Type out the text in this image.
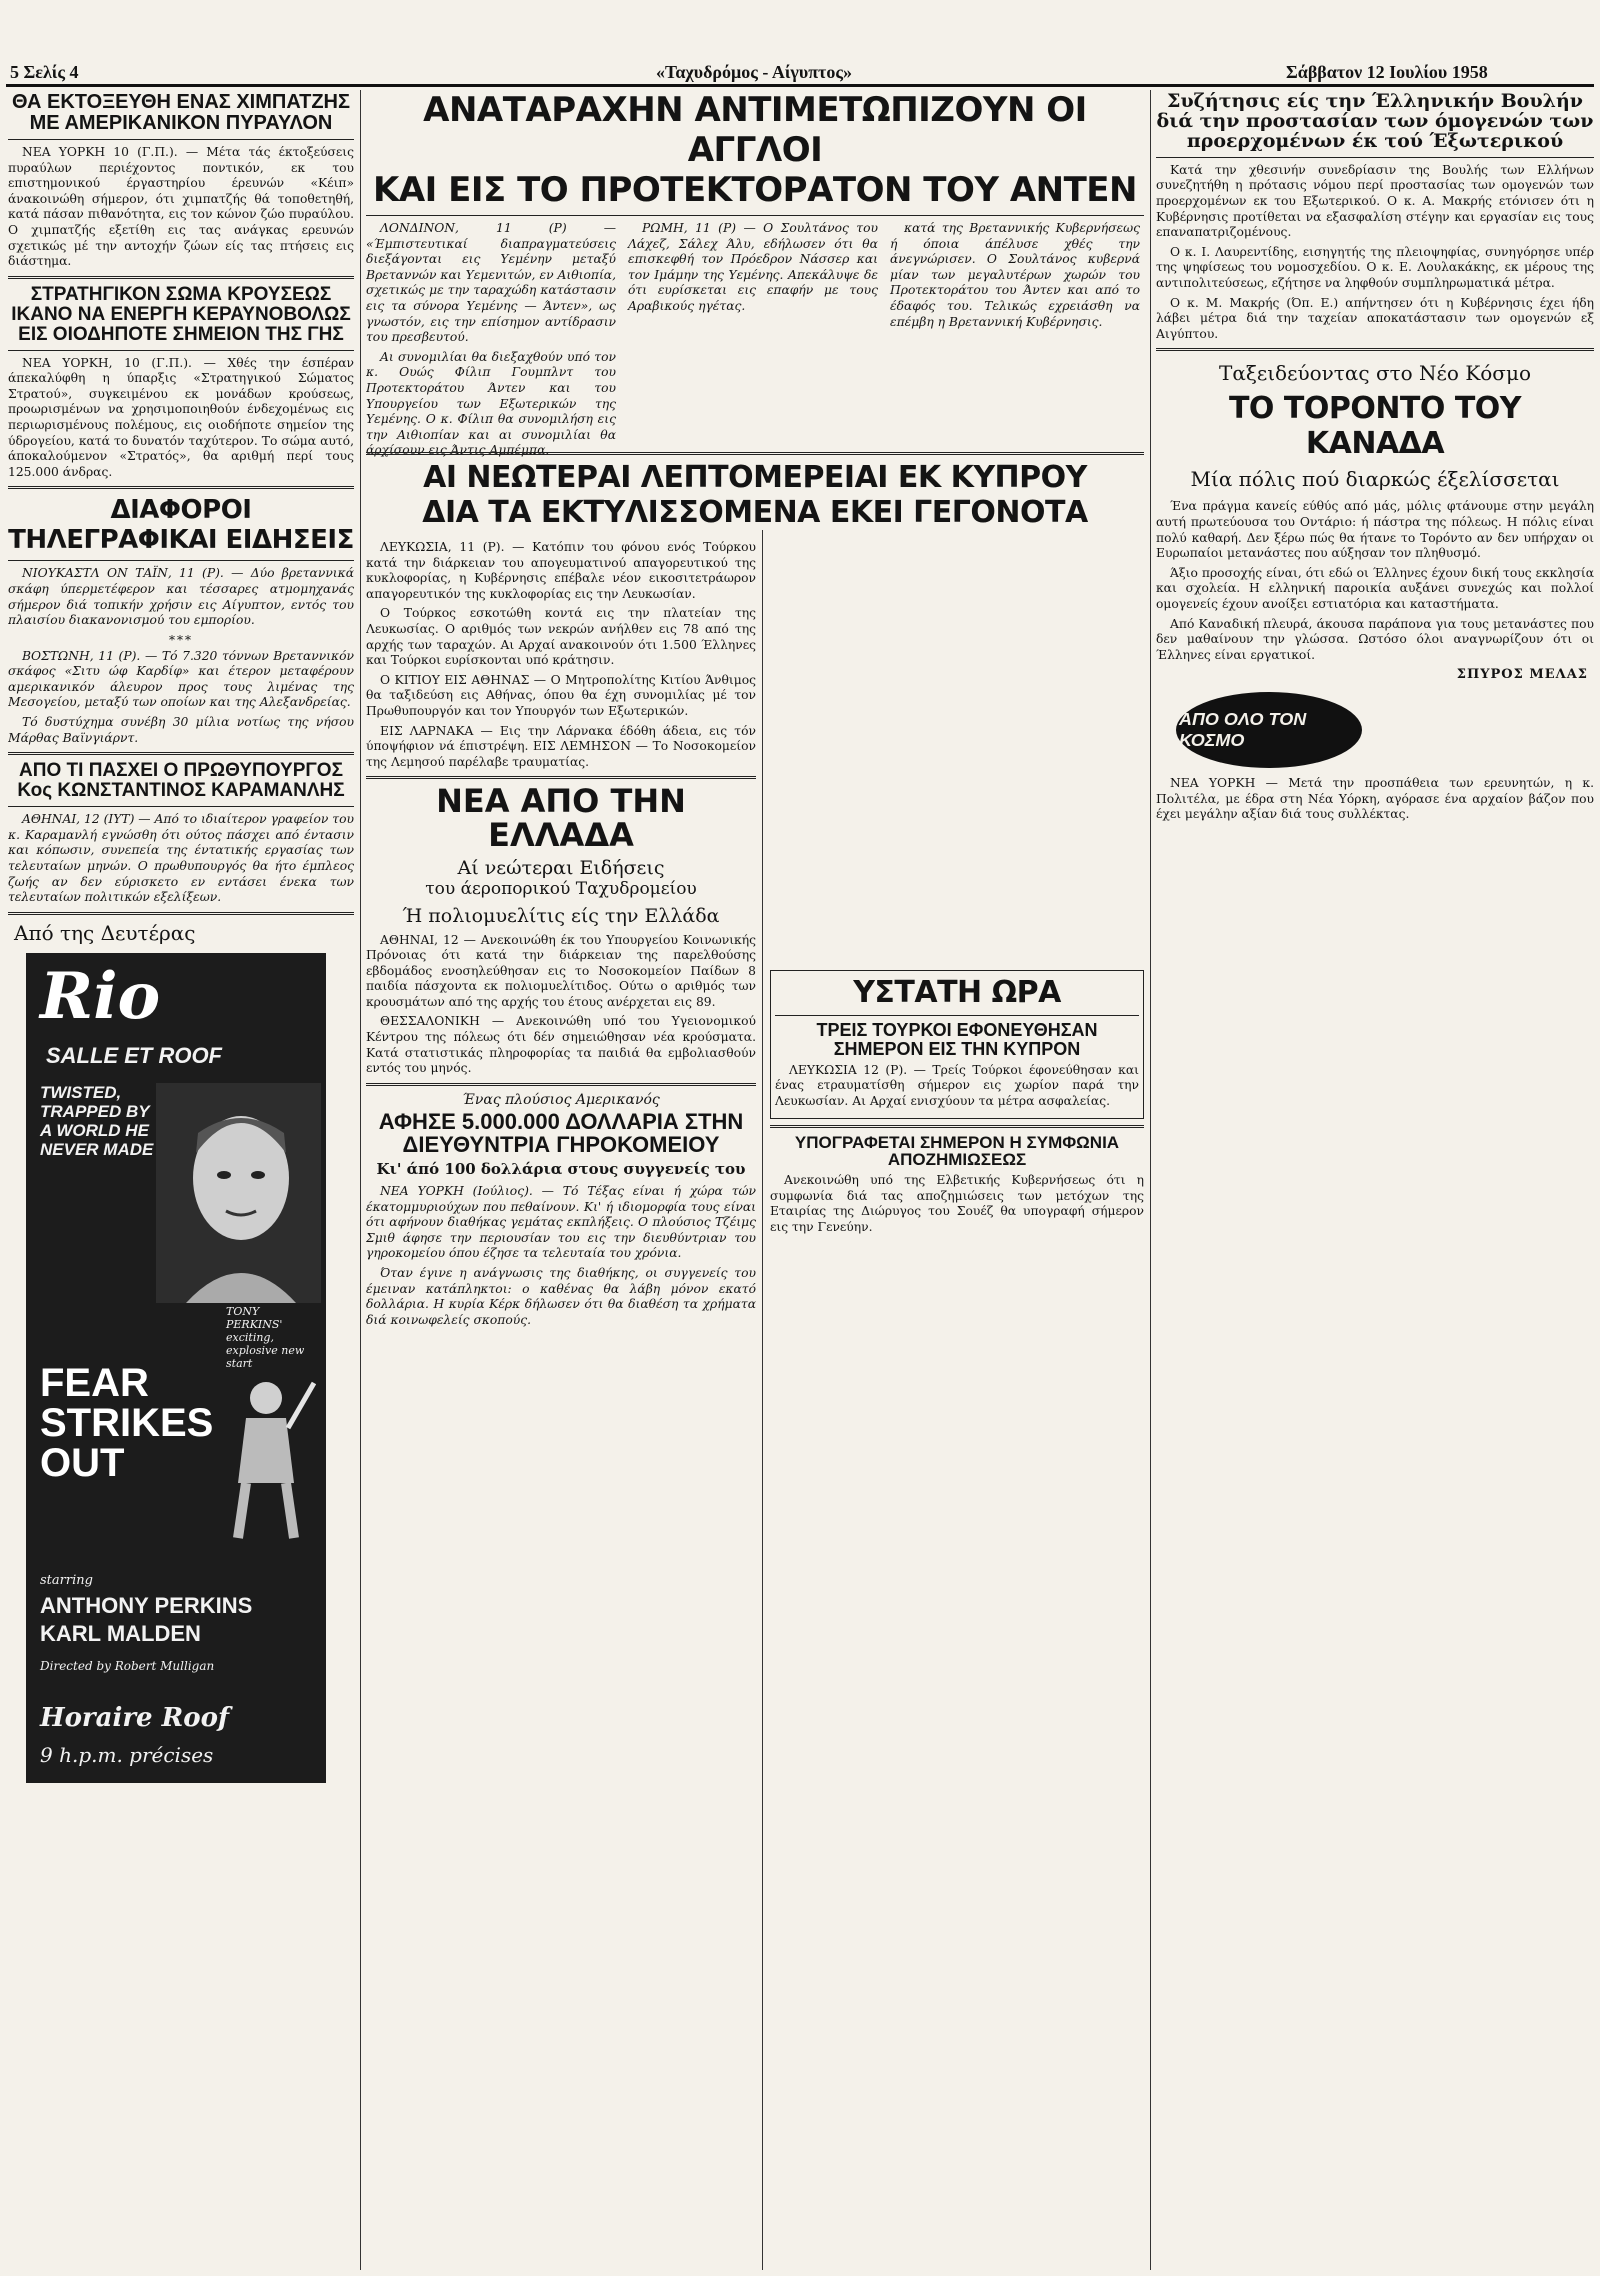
5 Σελίς 4	«Ταχυδρόμος - Αίγυπτος»	Σάββατον 12 Ιουλίου 1958
ΘΑ ΕΚΤΟΞΕΥΘΗ ΕΝΑΣ ΧΙΜΠΑΤΖΗΣ ΜΕ ΑΜΕΡΙΚΑΝΙΚΟΝ ΠΥΡΑΥΛΟΝ

ΝΕΑ ΥΟΡΚΗ 10 (Γ.Π.). — Μέτα τάς έκτοξεύσεις πυραύλων περιέχοντος ποντικόν, εκ του επιστημονικού έργαστηρίου έρευνών «Κέιπ» άνακοινώθη σήμερον, ότι χιμπατζής θά τοποθετηθή, κατά πάσαν πιθανότητα, εις τον κώνον ζώο πυραύλου. Ο χιμπατζής εξετίθη εις τας ανάγκας ερευνών σχετικώς μέ την αντοχήν ζώων είς τας πτήσεις εις διάστημα.

ΣΤΡΑΤΗΓΙΚΟΝ ΣΩΜΑ ΚΡΟΥΣΕΩΣ ΙΚΑΝΟ ΝΑ ΕΝΕΡΓΗ ΚΕΡΑΥΝΟΒΟΛΩΣ ΕΙΣ ΟΙΟΔΗΠΟΤΕ ΣΗΜΕΙΟΝ ΤΗΣ ΓΗΣ

ΝΕΑ ΥΟΡΚΗ, 10 (Γ.Π.). — Χθές την έσπέραν άπεκαλύφθη η ύπαρξις «Στρατηγικού Σώματος Στρατού», συγκειμένου εκ μονάδων κρούσεως, προωρισμένων να χρησιμοποιηθούν ένδεχομένως εις περιωρισμένους πολέμους, εις οιοδήποτε σημείον της ύδρογείου, κατά το δυνατόν ταχύτερον. Το σώμα αυτό, άποκαλούμενον «Στρατός», θα αριθμή περί τους 125.000 άνδρας.

ΔΙΑΦΟΡΟΙ ΤΗΛΕΓΡΑΦΙΚΑΙ ΕΙΔΗΣΕΙΣ

ΝΙΟΥΚΑΣΤΛ ΟΝ ΤΑΪΝ, 11 (Ρ). — Δύο βρεταννικά σκάφη ύπερμετέφερον και τέσσαρες ατμομηχανάς σήμερον διά τοπικήν χρήσιν εις Αίγυπτον, εντός του πλαισίου διακανονισμού του εμπορίου.

***

ΒΟΣΤΩΝΗ, 11 (Ρ). — Τό 7.320 τόννων Βρεταννικόν σκάφος «Σιτυ ώφ Καρδίφ» και έτερον μεταφέρουν αμερικανικόν άλευρον προς τους λιμένας της Μεσογείου, μεταξύ των οποίων και της Αλεξανδρείας.

Τό δυστύχημα συνέβη 30 μίλια νοτίως της νήσου Μάρθας Βαϊνγιάρντ.

ΑΠΟ ΤΙ ΠΑΣΧΕΙ Ο ΠΡΩΘΥΠΟΥΡΓΟΣ Κος ΚΩΝΣΤΑΝΤΙΝΟΣ ΚΑΡΑΜΑΝΛΗΣ

ΑΘΗΝΑΙ, 12 (ΙΥΤ) — Από το ιδιαίτερον γραφείον του κ. Καραμανλή εγνώσθη ότι ούτος πάσχει από έντασιν και κόπωσιν, συνεπεία της έντατικής εργασίας των τελευταίων μηνών. Ο πρωθυπουργός θα ήτο έμπλεος ζωής αν δεν εύρισκετο εν εντάσει ένεκα των τελευταίων πολιτικών εξελίξεων.

Από της Δευτέρας
Rio
SALLE ET ROOF
TWISTED, TRAPPED BY A WORLD HE NEVER MADE
TONY PERKINS' exciting, explosive new start
FEAR STRIKES OUT
starring
ANTHONY PERKINS
KARL MALDEN
Directed by Robert Mulligan
Horaire Roof
9 h.p.m. précises
ΑΝΑΤΑΡΑΧΗΝ ΑΝΤΙΜΕΤΩΠΙΖΟΥΝ ΟΙ ΑΓΓΛΟΙ
ΚΑΙ ΕΙΣ ΤΟ ΠΡΟΤΕΚΤΟΡΑΤΟΝ ΤΟΥ ΑΝΤΕΝ

ΛΟΝΔΙΝΟΝ, 11 (Ρ) — «Έμπιστευτικαί διαπραγματεύσεις διεξάγονται εις Υεμένην μεταξύ Βρεταννών και Υεμενιτών, εν Αιθιοπία, σχετικώς με την ταραχώδη κατάστασιν εις τα σύνορα Υεμένης — Άντεν», ως γνωστόν, εις την επίσημον αντίδρασιν του πρεσβευτού.

Αι συνομιλίαι θα διεξαχθούν υπό τον κ. Ουώς Φίλιπ Γουμπλντ του Προτεκτοράτου Άντεν και του Υπουργείου των Εξωτερικών της Υεμένης. Ο κ. Φίλιπ θα συνομιλήση εις την Αιθιοπίαν και αι συνομιλίαι θα άρχίσουν εις Άντις Αμπέμπα.

ΡΩΜΗ, 11 (Ρ) — Ο Σουλτάνος του Λάχεζ, Σάλεχ Άλυ, εδήλωσεν ότι θα επισκεφθή τον Πρόεδρον Νάσσερ και τον Ιμάμην της Υεμένης. Απεκάλυψε δε ότι ευρίσκεται εις επαφήν με τους Αραβικούς ηγέτας.

κατά της Βρεταννικής Κυβερνήσεως ή όποια άπέλυσε χθές την άνεγνώρισεν. Ο Σουλτάνος κυβερνά μίαν των μεγαλυτέρων χωρών του Προτεκτοράτου του Άντεν και από το έδαφός του. Τελικώς εχρειάσθη να επέμβη η Βρεταννική Κυβέρνησις.

ΑΙ ΝΕΩΤΕΡΑΙ ΛΕΠΤΟΜΕΡΕΙΑΙ ΕΚ ΚΥΠΡΟΥ
ΔΙΑ ΤΑ ΕΚΤΥΛΙΣΣΟΜΕΝΑ ΕΚΕΙ ΓΕΓΟΝΟΤΑ

ΛΕΥΚΩΣΙΑ, 11 (Ρ). — Κατόπιν του φόνου ενός Τούρκου κατά την διάρκειαν του απογευματινού απαγορευτικού της κυκλοφορίας, η Κυβέρνησις επέβαλε νέον εικοσιτετράωρον απαγορευτικόν της κυκλοφορίας εις την Λευκωσίαν.

Ο Τούρκος εσκοτώθη κοντά εις την πλατείαν της Λευκωσίας. Ο αριθμός των νεκρών ανήλθεν εις 78 από της αρχής των ταραχών. Αι Αρχαί ανακοινούν ότι 1.500 Έλληνες και Τούρκοι ευρίσκονται υπό κράτησιν.

Ο ΚΙΤΙΟΥ ΕΙΣ ΑΘΗΝΑΣ — Ο Μητροπολίτης Κιτίου Άνθιμος θα ταξιδεύση εις Αθήνας, όπου θα έχη συνομιλίας μέ τον Πρωθυπουργόν και τον Υπουργόν των Εξωτερικών.

ΕΙΣ ΛΑΡΝΑΚΑ — Εις την Λάρνακα έδόθη άδεια, εις τόν ύποψήφιον νά έπιστρέψη. ΕΙΣ ΛΕΜΗΣΟΝ — Το Νοσοκομείον της Λεμησού παρέλαβε τραυματίας.

ΝΕΑ ΑΠΟ ΤΗΝ ΕΛΛΑΔΑ
Αί νεώτεραι Ειδήσεις
του άεροπορικού Ταχυδρομείου
Ή πολιομυελίτις είς την Ελλάδα

ΑΘΗΝΑΙ, 12 — Ανεκοινώθη έκ του Υπουργείου Κοινωνικής Πρόνοιας ότι κατά την διάρκειαν της παρελθούσης εβδομάδος ενοσηλεύθησαν εις το Νοσοκομείον Παίδων 8 παιδία πάσχοντα εκ πολιομυελίτιδος. Ούτω ο αριθμός των κρουσμάτων από της αρχής του έτους ανέρχεται εις 89.

ΘΕΣΣΑΛΟΝΙΚΗ — Ανεκοινώθη υπό του Υγειονομικού Κέντρου της πόλεως ότι δέν σημειώθησαν νέα κρούσματα. Κατά στατιστικάς πληροφορίας τα παιδιά θα εμβολιασθούν εντός του μηνός.

Ένας πλούσιος Αμερικανός
ΑΦΗΣΕ 5.000.000 ΔΟΛΛΑΡΙΑ ΣΤΗΝ ΔΙΕΥΘΥΝΤΡΙΑ ΓΗΡΟΚΟΜΕΙΟΥ
Κι' άπό 100 δολλάρια στους συγγενείς του

ΝΕΑ ΥΟΡΚΗ (Ιούλιος). — Τό Τέξας είναι ή χώρα τών έκατομμυριούχων που πεθαίνουν. Κι' ή ιδιομορφία τους είναι ότι αφήνουν διαθήκας γεμάτας εκπλήξεις. Ο πλούσιος Τζέιμς Σμιθ άφησε την περιουσίαν του εις την διευθύντριαν του γηροκομείου όπου έζησε τα τελευταία του χρόνια.

Όταν έγινε η ανάγνωσις της διαθήκης, οι συγγενείς του έμειναν κατάπληκτοι: ο καθένας θα λάβη μόνον εκατό δολλάρια. Η κυρία Κέρκ δήλωσεν ότι θα διαθέση τα χρήματα διά κοινωφελείς σκοπούς.

ΥΣΤΑΤΗ ΩΡΑ
ΤΡΕΙΣ ΤΟΥΡΚΟΙ ΕΦΟΝΕΥΘΗΣΑΝ ΣΗΜΕΡΟΝ ΕΙΣ ΤΗΝ ΚΥΠΡΟΝ

ΛΕΥΚΩΣΙΑ 12 (Ρ). — Τρείς Τούρκοι έφονεύθησαν και ένας ετραυματίσθη σήμερον εις χωρίον παρά την Λευκωσίαν. Αι Αρχαί ενισχύουν τα μέτρα ασφαλείας.

ΥΠΟΓΡΑΦΕΤΑΙ ΣΗΜΕΡΟΝ Η ΣΥΜΦΩΝΙΑ ΑΠΟΖΗΜΙΩΣΕΩΣ

Ανεκοινώθη υπό της Ελβετικής Κυβερνήσεως ότι η συμφωνία διά τας αποζημιώσεις των μετόχων της Εταιρίας της Διώρυγος του Σουέζ θα υπογραφή σήμερον εις την Γενεύην.

Συζήτησις είς την Έλληνικήν Βουλήν διά την προστασίαν των όμογενών των προερχομένων έκ τού Έξωτερικού

Κατά την χθεσινήν συνεδρίασιν της Βουλής των Ελλήνων συνεζητήθη η πρότασις νόμου περί προστασίας των ομογενών των προερχομένων εκ του Εξωτερικού. Ο κ. Α. Μακρής ετόνισεν ότι η Κυβέρνησις προτίθεται να εξασφαλίση στέγην και εργασίαν εις τους επαναπατριζομένους.

Ο κ. Ι. Λαυρεντίδης, εισηγητής της πλειοψηφίας, συνηγόρησε υπέρ της ψηφίσεως του νομοσχεδίου. Ο κ. Ε. Λουλακάκης, εκ μέρους της αντιπολιτεύσεως, εζήτησε να ληφθούν συμπληρωματικά μέτρα.

Ο κ. Μ. Μακρής (Όπ. Ε.) απήντησεν ότι η Κυβέρνησις έχει ήδη λάβει μέτρα διά την ταχείαν αποκατάστασιν των ομογενών εξ Αιγύπτου.

Ταξειδεύοντας στο Νέο Κόσμο
ΤΟ ΤΟΡΟΝΤΟ ΤΟΥ ΚΑΝΑΔΑ
Μία πόλις πού διαρκώς έξελίσσεται

Ένα πράγμα κανείς εύθύς από μάς, μόλις φτάνουμε στην μεγάλη αυτή πρωτεύουσα του Οντάριο: ή πάστρα της πόλεως. Η πόλις είναι πολύ καθαρή. Δεν ξέρω πώς θα ήτανε το Τορόντο αν δεν υπήρχαν οι Ευρωπαίοι μετανάστες που αύξησαν τον πληθυσμό.

Άξιο προσοχής είναι, ότι εδώ οι Έλληνες έχουν δική τους εκκλησία και σχολεία. Η ελληνική παροικία αυξάνει συνεχώς και πολλοί ομογενείς έχουν ανοίξει εστιατόρια και καταστήματα.

Από Καναδική πλευρά, άκουσα παράπονα για τους μετανάστες που δεν μαθαίνουν την γλώσσα. Ωστόσο όλοι αναγνωρίζουν ότι οι Έλληνες είναι εργατικοί.

ΣΠΥΡΟΣ ΜΕΛΑΣ
ΑΠΟ ΟΛΟ ΤΟΝ ΚΟΣΜΟ

ΝΕΑ ΥΟΡΚΗ — Μετά την προσπάθεια των ερευνητών, η κ. Πολιτέλα, με έδρα στη Νέα Υόρκη, αγόρασε ένα αρχαίον βάζον που έχει μεγάλην αξίαν διά τους συλλέκτας.
